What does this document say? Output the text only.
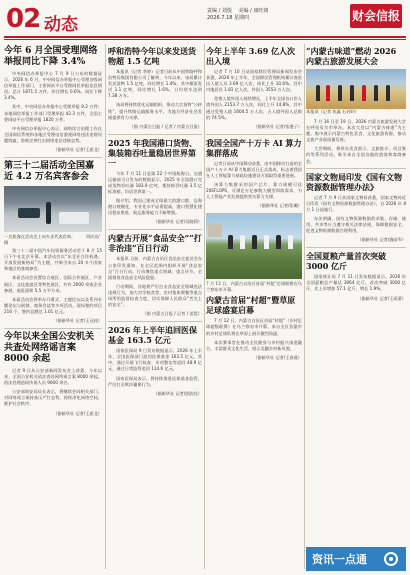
02 动态
责编 / 刘悦 　美编 / 康旺朗
2026.7.18 星期四	财会信报
今年 6 月全国受理网络举报同比下降 3.4%

中央网信办举报中心 7 月 9 日公布的数据显示，2026 年 6 月，中央网信办举报中心受理各级网信举报工作部门、主要网站平台受理网民举报信息情况。总计 1871.5 万件，环比增长 0.6%，同比下降 3.4%。

其中，中央网信办举报中心受理举报 9.2 万件；各地网信举报工作部门受理举报 42.3 万件，全国主要网站平台受理举报 1820 万件。

中央网信办举报中心表示，网络综合治理工作在全国网信系统和各地区受理电信重视网络违法违规问题线索，协助完善打击网络违法违规态势。

（据新华社 记者/王思北）
第三十二届活动全国嘉近 4.2 万名宾客参会
一名旅客在活动会上向车企代表咨询。　　　刘庆宾/摄

第三十二届中国汽车投资服务活动会于 8 月 15 日下午在北京开幕。本活动会以“东北亚合作机遇，开放发展新格局”为主题，共吸引来自 20 多个国家和地区的客商参会。

本届活动会设置综合展区、国际合作展区、产业展区、文化旅游区等特色展区，共有 2000 余家企业参展，展览面积 5.5 万平方米。

本届活动会将举办开幕式、主题论坛以及系列专题论坛与展销、商务会谈等多项活动。现场签约项目 216 个，签约总额达 1.01 亿元。

（据新华社 记者/王远枝）
今年以来全国公安机关共查处网络谣言案 8000 余起

记者 9 日从公安部新闻发布会上获悉，今年以来，全国公安机关依法查处网络谣言案 8000 余起，依法处理造谣传谣人员 9000 余名。

公安部网安局局长表示，将继续会同相关部门，对网络谣言保持高压严打态势，持续净化网络空间，维护社会秩序。

（据新华社 记者/王思北）
呼和浩特今年以来发送货物超 1.5 亿吨

本报讯（记者 李婷）记者日前从中国铁路呼和浩特局集团有限公司了解到，今年以来，该局累计发送货物 1.5 亿吨，同比增长 1.4%，其中煤炭发送 1.1 亿吨，同比增长 1.6%，日均装车达到 7.38 万车。

该局将持续优化运输组织，推动大宗货物“公转铁”，提升铁路运输服务水平，为地方经济社会发展提供有力支撑。

（据 内蒙古日报 / 记者 / 内蒙古日报）
2025 年我国港口货物、集装箱吞吐量稳居世界第一

今年 7 月 11 日是第 22 个中国航海日。交通运输部当日发布的数据显示，2025 年全国港口完成货物吞吐量 183.9 亿吨，集装箱吞吐量 3.5 亿标准箱，均居世界第一。

据介绍，我国已建成全球最大的港口群，沿海港口规模化、专业化水平显著提高，港口智慧化建设稳步推进，航运服务能力不断增强。

（据新华社 记者/吴晓莉）
内蒙古开展“食品安全”“打非治违”百日行动

本报讯 日前，内蒙古自治区食品安全委员会办公室印发通知，在全区范围内组织开展“食品安全”百日行动。行动聚焦重点领域、重点环节，全面排查食品安全风险隐患。

行动期间，各地将严厉打击食品安全领域违法违规行为，加大对学校食堂、农村集体聚餐等重点场所的监督检查力度，切实保障人民群众“舌尖上的安全”。

（据 内蒙古日报 / 记者 / 雷霆）
2026 年上半年追回医保基金 163.5 亿元

国家医保局 9 日发布数据显示，2026 年上半年，全国医保部门追回医保基金 163.5 亿元，其中，通过开展飞行检查、专项整治等追回 48.9 亿元，通过日常监管追回 114.6 亿元。

国家医保局表示，将持续推进医保基金监管，严厉打击欺诈骗保行为。

（据新华社 记者/彭韵佳）
今年上半年 3.69 亿人次出入境

记者 7 月 10 日从国家移民管理局新闻发布会获悉，2026 年上半年，全国移民管理机构累计查验出入境人员 3.69 亿人次，同比上升 10.6%。其中内地居民 1.81 亿人次，外国人 3553 万人次。

免签入境外国人持续增长，上半年全国各口岸入境外国人 2153.7 万人次，同比上升 14.8%，其中通过免签入境 1604.5 万人次，占入境外国人总数的 74.5%。

（据新华社 记者/张漫子）
我国全国产十万卡 AI 算力集群落成

记者日前从中国移动获悉，由中国移动打造的全国产十万卡 AI 算力集群近日正式落成，标志着我国在人工智能算力基础设施建设方面取得重要进展。

该算力集群采用国产芯片，算力规模可达 20EFLOPS，可满足万亿参数大模型训练需求，为人工智能产业发展提供坚实算力支撑。

（据新华社 记者/张璐）
7 月 12 日，内蒙古自治区首届“村超”足球联赛在乌兰察布市开幕。
内蒙古首届“村超”暨草原足球盛宴启幕

7 月 12 日，内蒙古自治区首届“村超”（乡村足球超级联赛）在乌兰察布市开幕。来自全区各盟市的乡村足球队将在草原上展开激烈角逐。

本次赛事旨在推动全民健身与乡村振兴深度融合，丰富群众文化生活，展示北疆乡村新风貌。

（据新华社 记者/王春燕）
“内蒙古味道”燃动 2026 内蒙古旅游发展大会
本报讯（记者 张鑫 石若昀）

7 月 16 日至 19 日，2026 内蒙古旅游发展大会在呼伦贝尔市举办。本次大会以“内蒙古味道”为主题，集中展示内蒙古特色美食、文化旅游资源，推动文旅产业高质量发展。

大会期间，将举办美食展示、文旅推介、项目签约等系列活动，吸引来自全国各地的游客和客商参会。

国家文物局印发《国有文物资源数据管理办法》

记者 7 月 9 日从国家文物局获悉，国家文物局近日印发《国有文物资源数据管理办法》，自 2026 年 8 月 1 日起施行。

办法明确，国有文物资源数据的采集、存储、使用、共享等应当遵守相关法律法规，保障数据安全，促进文物资源数据合理利用。

（据新华社 记者/施雨岑）
全国夏粮产量首次突破 3000 亿斤

国家统计局 7 月 11 日发布数据显示，2026 年全国夏粮总产量达 3064 亿斤，首次突破 3000 亿斤，比上年增加 57.1 亿斤，增长 1.9%。

（据新华社 记者/王雨萧）
资讯一点通
